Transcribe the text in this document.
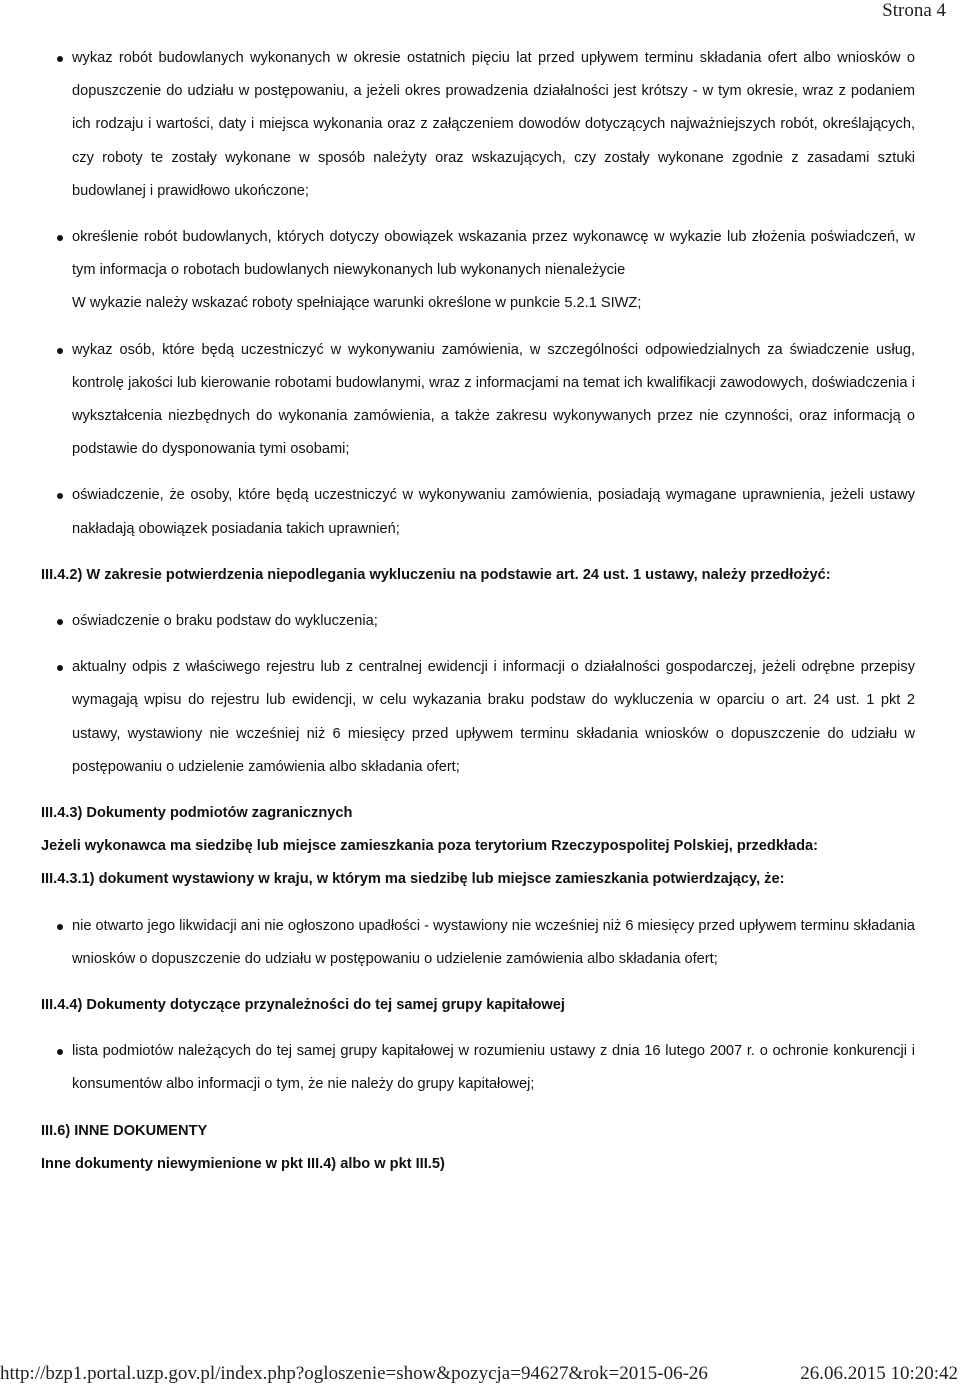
Strona 4
wykaz robót budowlanych wykonanych w okresie ostatnich pięciu lat przed upływem terminu składania ofert albo wniosków o dopuszczenie do udziału w postępowaniu, a jeżeli okres prowadzenia działalności jest krótszy - w tym okresie, wraz z podaniem ich rodzaju i wartości, daty i miejsca wykonania oraz z załączeniem dowodów dotyczących najważniejszych robót, określających, czy roboty te zostały wykonane w sposób należyty oraz wskazujących, czy zostały wykonane zgodnie z zasadami sztuki budowlanej i prawidłowo ukończone;
określenie robót budowlanych, których dotyczy obowiązek wskazania przez wykonawcę w wykazie lub złożenia poświadczeń, w tym informacja o robotach budowlanych niewykonanych lub wykonanych nienależycie
W wykazie należy wskazać roboty spełniające warunki określone w punkcie 5.2.1 SIWZ;
wykaz osób, które będą uczestniczyć w wykonywaniu zamówienia, w szczególności odpowiedzialnych za świadczenie usług, kontrolę jakości lub kierowanie robotami budowlanymi, wraz z informacjami na temat ich kwalifikacji zawodowych, doświadczenia i wykształcenia niezbędnych do wykonania zamówienia, a także zakresu wykonywanych przez nie czynności, oraz informacją o podstawie do dysponowania tymi osobami;
oświadczenie, że osoby, które będą uczestniczyć w wykonywaniu zamówienia, posiadają wymagane uprawnienia, jeżeli ustawy nakładają obowiązek posiadania takich uprawnień;
III.4.2) W zakresie potwierdzenia niepodlegania wykluczeniu na podstawie art. 24 ust. 1 ustawy, należy przedłożyć:
oświadczenie o braku podstaw do wykluczenia;
aktualny odpis z właściwego rejestru lub z centralnej ewidencji i informacji o działalności gospodarczej, jeżeli odrębne przepisy wymagają wpisu do rejestru lub ewidencji, w celu wykazania braku podstaw do wykluczenia w oparciu o art. 24 ust. 1 pkt 2 ustawy, wystawiony nie wcześniej niż 6 miesięcy przed upływem terminu składania wniosków o dopuszczenie do udziału w postępowaniu o udzielenie zamówienia albo składania ofert;
III.4.3) Dokumenty podmiotów zagranicznych
Jeżeli wykonawca ma siedzibę lub miejsce zamieszkania poza terytorium Rzeczypospolitej Polskiej, przedkłada:
III.4.3.1) dokument wystawiony w kraju, w którym ma siedzibę lub miejsce zamieszkania potwierdzający, że:
nie otwarto jego likwidacji ani nie ogłoszono upadłości - wystawiony nie wcześniej niż 6 miesięcy przed upływem terminu składania wniosków o dopuszczenie do udziału w postępowaniu o udzielenie zamówienia albo składania ofert;
III.4.4) Dokumenty dotyczące przynależności do tej samej grupy kapitałowej
lista podmiotów należących do tej samej grupy kapitałowej w rozumieniu ustawy z dnia 16 lutego 2007 r. o ochronie konkurencji i konsumentów albo informacji o tym, że nie należy do grupy kapitałowej;
III.6) INNE DOKUMENTY
Inne dokumenty niewymienione w pkt III.4) albo w pkt III.5)
http://bzp1.portal.uzp.gov.pl/index.php?ogloszenie=show&pozycja=94627&rok=2015-06-26	26.06.2015 10:20:42
